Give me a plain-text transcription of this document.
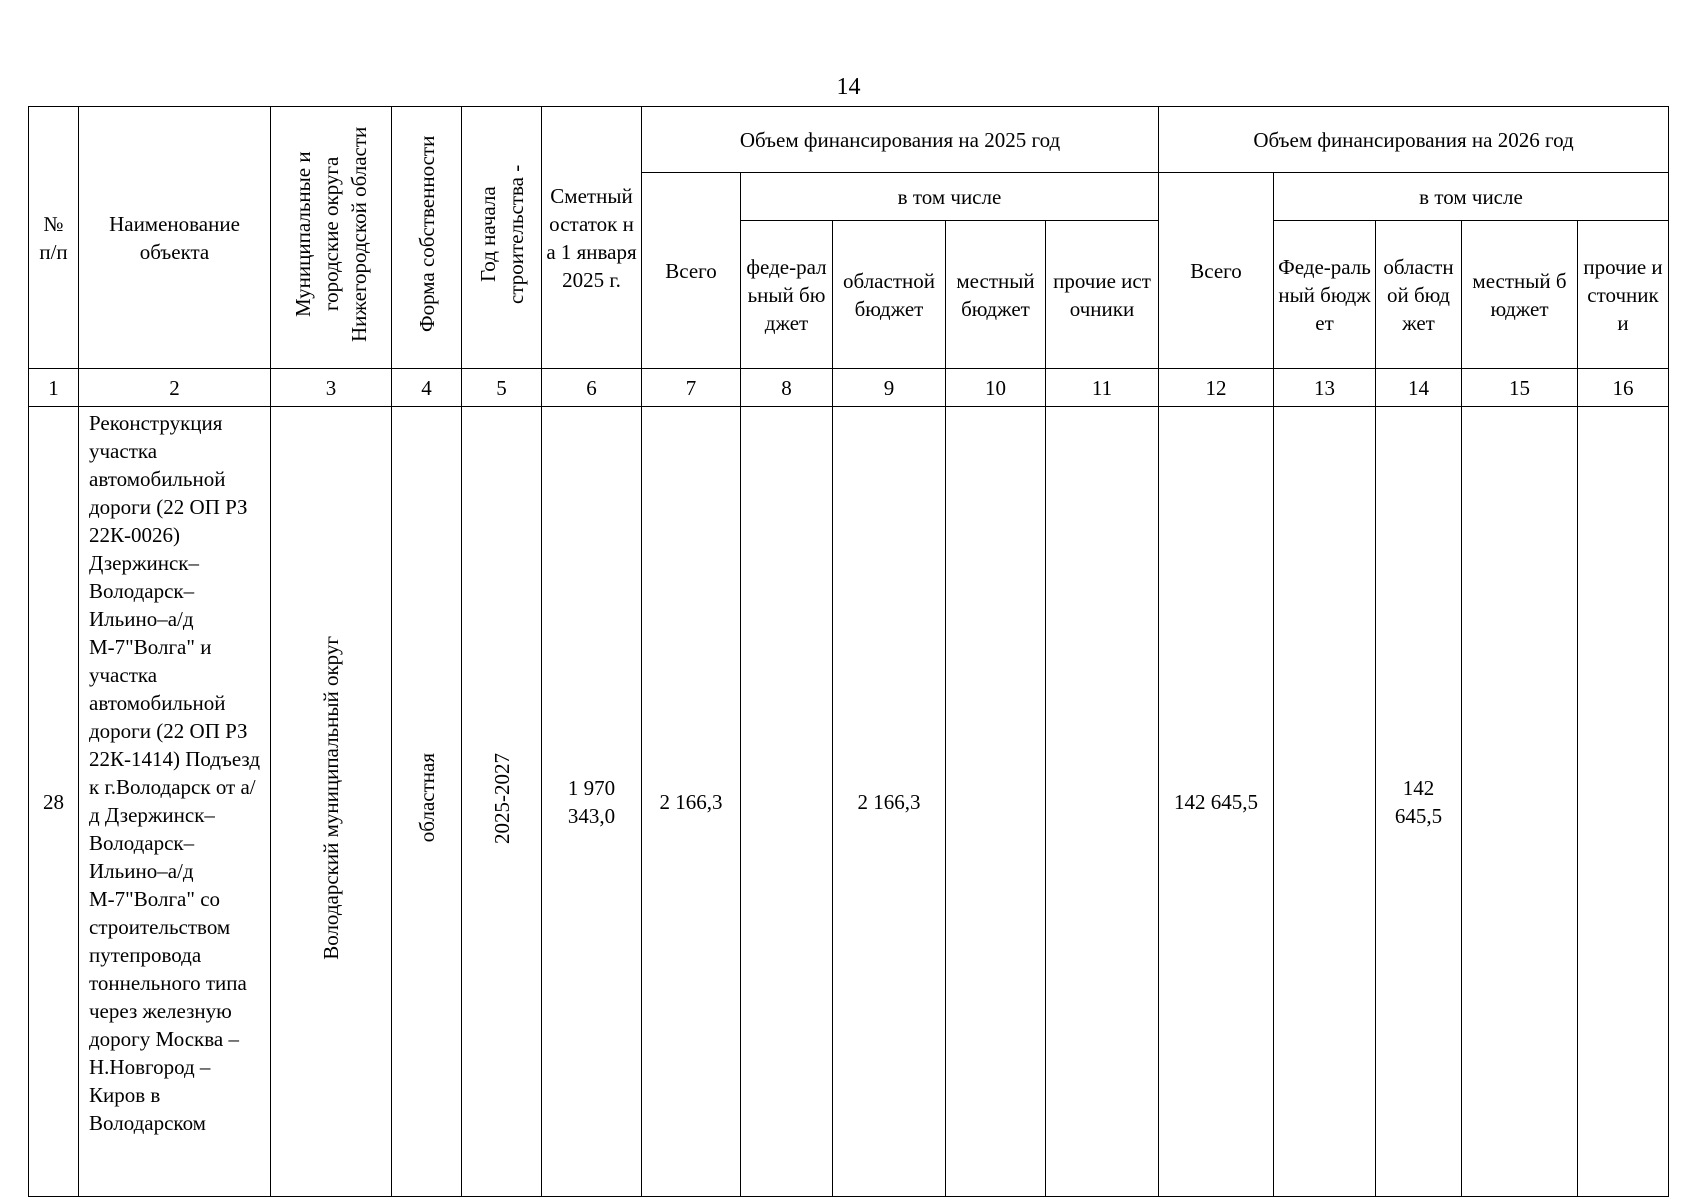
14
№ п/п	Наименование объекта	Муниципальные и городские округа Нижегородской области	Форма собственности	Год начала строительства -	Сметный остаток на 1 января 2025 г.	Объем финансирования на 2025 год					Объем финансирования на 2026 год				
						Всего	в том числе				Всего	в том числе			

							феде-ральный бюджет	областной бюджет	местный бюджет	прочие источники		Феде-ральный бюджет	областной бюджет	местный бюджет	прочие источники

1	2	3	4	5	6	7	8	9	10	11	12	13	14	15	16
28	Реконструкция участка автомобильной дороги (22 ОП РЗ 22К-0026) Дзержинск–Володарск–Ильино–а/д М-7"Волга" и участка автомобильной дороги (22 ОП РЗ 22К-1414) Подъезд к г.Володарск от а/д Дзержинск–Володарск–Ильино–а/д М-7"Волга" со строительством путепровода тоннельного типа через железную дорогу Москва – Н.Новгород – Киров в Володарском	Володарский муниципальный округ	областная	2025-2027	1 970 343,0	2 166,3		2 166,3			142 645,5		142 645,5		
